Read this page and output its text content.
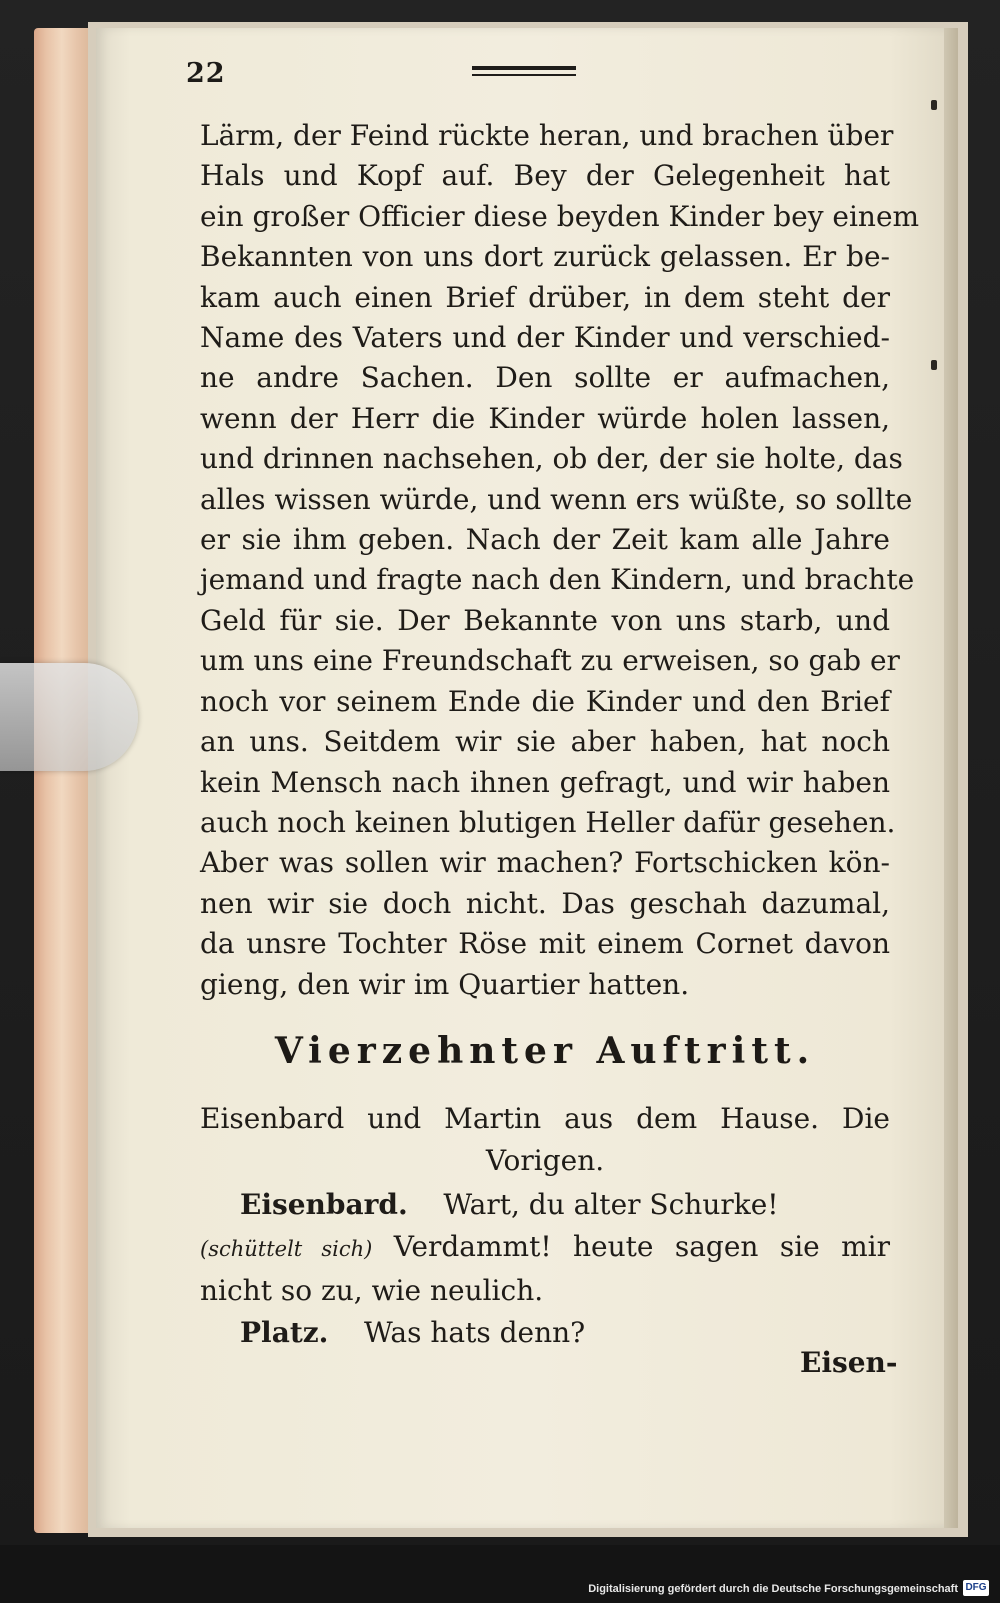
22
Lärm, der Feind rückte heran, und brachen über
Hals und Kopf auf. Bey der Gelegenheit hat
ein großer Officier diese beyden Kinder bey einem
Bekannten von uns dort zurück gelassen. Er be-
kam auch einen Brief drüber, in dem steht der
Name des Vaters und der Kinder und verschied-
ne andre Sachen. Den sollte er aufmachen,
wenn der Herr die Kinder würde holen lassen,
und drinnen nachsehen, ob der, der sie holte, das
alles wissen würde, und wenn ers wüßte, so sollte
er sie ihm geben. Nach der Zeit kam alle Jahre
jemand und fragte nach den Kindern, und brachte
Geld für sie. Der Bekannte von uns starb, und
um uns eine Freundschaft zu erweisen, so gab er
noch vor seinem Ende die Kinder und den Brief
an uns. Seitdem wir sie aber haben, hat noch
kein Mensch nach ihnen gefragt, und wir haben
auch noch keinen blutigen Heller dafür gesehen.
Aber was sollen wir machen? Fortschicken kön-
nen wir sie doch nicht. Das geschah dazumal,
da unsre Tochter Röse mit einem Cornet davon
gieng, den wir im Quartier hatten.
Vierzehnter Auftritt.
Eisenbard und Martin aus dem Hause. Die
Vorigen.
Eisenbard. Wart, du alter Schurke!
(schüttelt sich) Verdammt! heute sagen sie mir
nicht so zu, wie neulich.
Platz. Was hats denn?
Eisen-
Digitalisierung gefördert durch die Deutsche Forschungsgemeinschaft DFG
